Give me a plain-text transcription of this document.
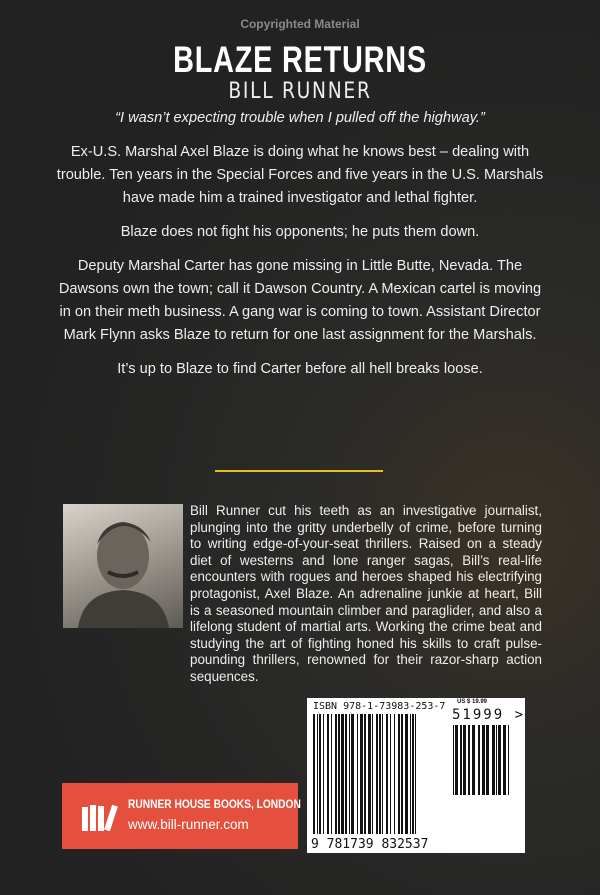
Copyrighted Material
BLAZE RETURNS
BILL RUNNER

“I wasn’t expecting trouble when I pulled off the highway.”

Ex-U.S. Marshal Axel Blaze is doing what he knows best – dealing with trouble. Ten years in the Special Forces and five years in the U.S. Marshals have made him a trained investigator and lethal fighter.

Blaze does not fight his opponents; he puts them down.

Deputy Marshal Carter has gone missing in Little Butte, Nevada. The Dawsons own the town; call it Dawson Country. A Mexican cartel is moving in on their meth business. A gang war is coming to town. Assistant Director Mark Flynn asks Blaze to return for one last assignment for the Marshals.

It’s up to Blaze to find Carter before all hell breaks loose.

Bill Runner cut his teeth as an investigative journalist, plunging into the gritty underbelly of crime, before turning to writing edge-of-your-seat thrillers. Raised on a steady diet of westerns and lone ranger sagas, Bill’s real-life encounters with rogues and heroes shaped his electrifying protagonist, Axel Blaze. An adrenaline junkie at heart, Bill is a seasoned mountain climber and paraglider, and also a lifelong student of martial arts. Working the crime beat and studying the art of fighting honed his skills to craft pulse-pounding thrillers, renowned for their razor-sharp action sequences.
ISBN 978-1-73983-253-7 US $ 19.99
51999 >
9 781739 832537
RUNNER HOUSE BOOKS, LONDON
www.bill-runner.com
